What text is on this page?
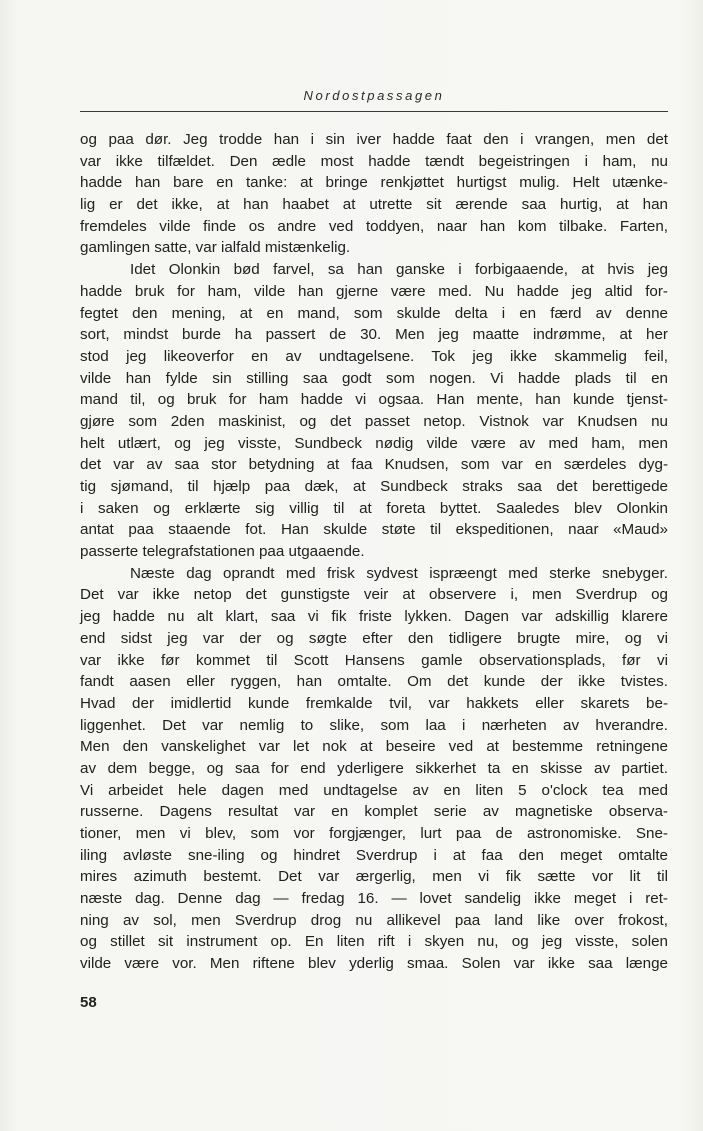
Nordostpassagen
og paa dør. Jeg trodde han i sin iver hadde faat den i vrangen, men det
var ikke tilfældet. Den ædle most hadde tændt begeistringen i ham, nu
hadde han bare en tanke: at bringe renkjøttet hurtigst mulig. Helt utænke-
lig er det ikke, at han haabet at utrette sit ærende saa hurtig, at han
fremdeles vilde finde os andre ved toddyen, naar han kom tilbake. Farten,
gamlingen satte, var ialfald mistænkelig.
Idet Olonkin bød farvel, sa han ganske i forbigaaende, at hvis jeg
hadde bruk for ham, vilde han gjerne være med. Nu hadde jeg altid for-
fegtet den mening, at en mand, som skulde delta i en færd av denne
sort, mindst burde ha passert de 30. Men jeg maatte indrømme, at her
stod jeg likeoverfor en av undtagelsene. Tok jeg ikke skammelig feil,
vilde han fylde sin stilling saa godt som nogen. Vi hadde plads til en
mand til, og bruk for ham hadde vi ogsaa. Han mente, han kunde tjenst-
gjøre som 2den maskinist, og det passet netop. Vistnok var Knudsen nu
helt utlært, og jeg visste, Sundbeck nødig vilde være av med ham, men
det var av saa stor betydning at faa Knudsen, som var en særdeles dyg-
tig sjømand, til hjælp paa dæk, at Sundbeck straks saa det berettigede
i saken og erklærte sig villig til at foreta byttet. Saaledes blev Olonkin
antat paa staaende fot. Han skulde støte til ekspeditionen, naar «Maud»
passerte telegrafstationen paa utgaaende.
Næste dag oprandt med frisk sydvest ispræengt med sterke snebyger.
Det var ikke netop det gunstigste veir at observere i, men Sverdrup og
jeg hadde nu alt klart, saa vi fik friste lykken. Dagen var adskillig klarere
end sidst jeg var der og søgte efter den tidligere brugte mire, og vi
var ikke før kommet til Scott Hansens gamle observationsplads, før vi
fandt aasen eller ryggen, han omtalte. Om det kunde der ikke tvistes.
Hvad der imidlertid kunde fremkalde tvil, var hakkets eller skarets be-
liggenhet. Det var nemlig to slike, som laa i nærheten av hverandre.
Men den vanskelighet var let nok at beseire ved at bestemme retningene
av dem begge, og saa for end yderligere sikkerhet ta en skisse av partiet.
Vi arbeidet hele dagen med undtagelse av en liten 5 o'clock tea med
russerne. Dagens resultat var en komplet serie av magnetiske observa-
tioner, men vi blev, som vor forgjænger, lurt paa de astronomiske. Sne-
iling avløste sne-iling og hindret Sverdrup i at faa den meget omtalte
mires azimuth bestemt. Det var ærgerlig, men vi fik sætte vor lit til
næste dag. Denne dag — fredag 16. — lovet sandelig ikke meget i ret-
ning av sol, men Sverdrup drog nu allikevel paa land like over frokost,
og stillet sit instrument op. En liten rift i skyen nu, og jeg visste, solen
vilde være vor. Men riftene blev yderlig smaa. Solen var ikke saa længe
58
